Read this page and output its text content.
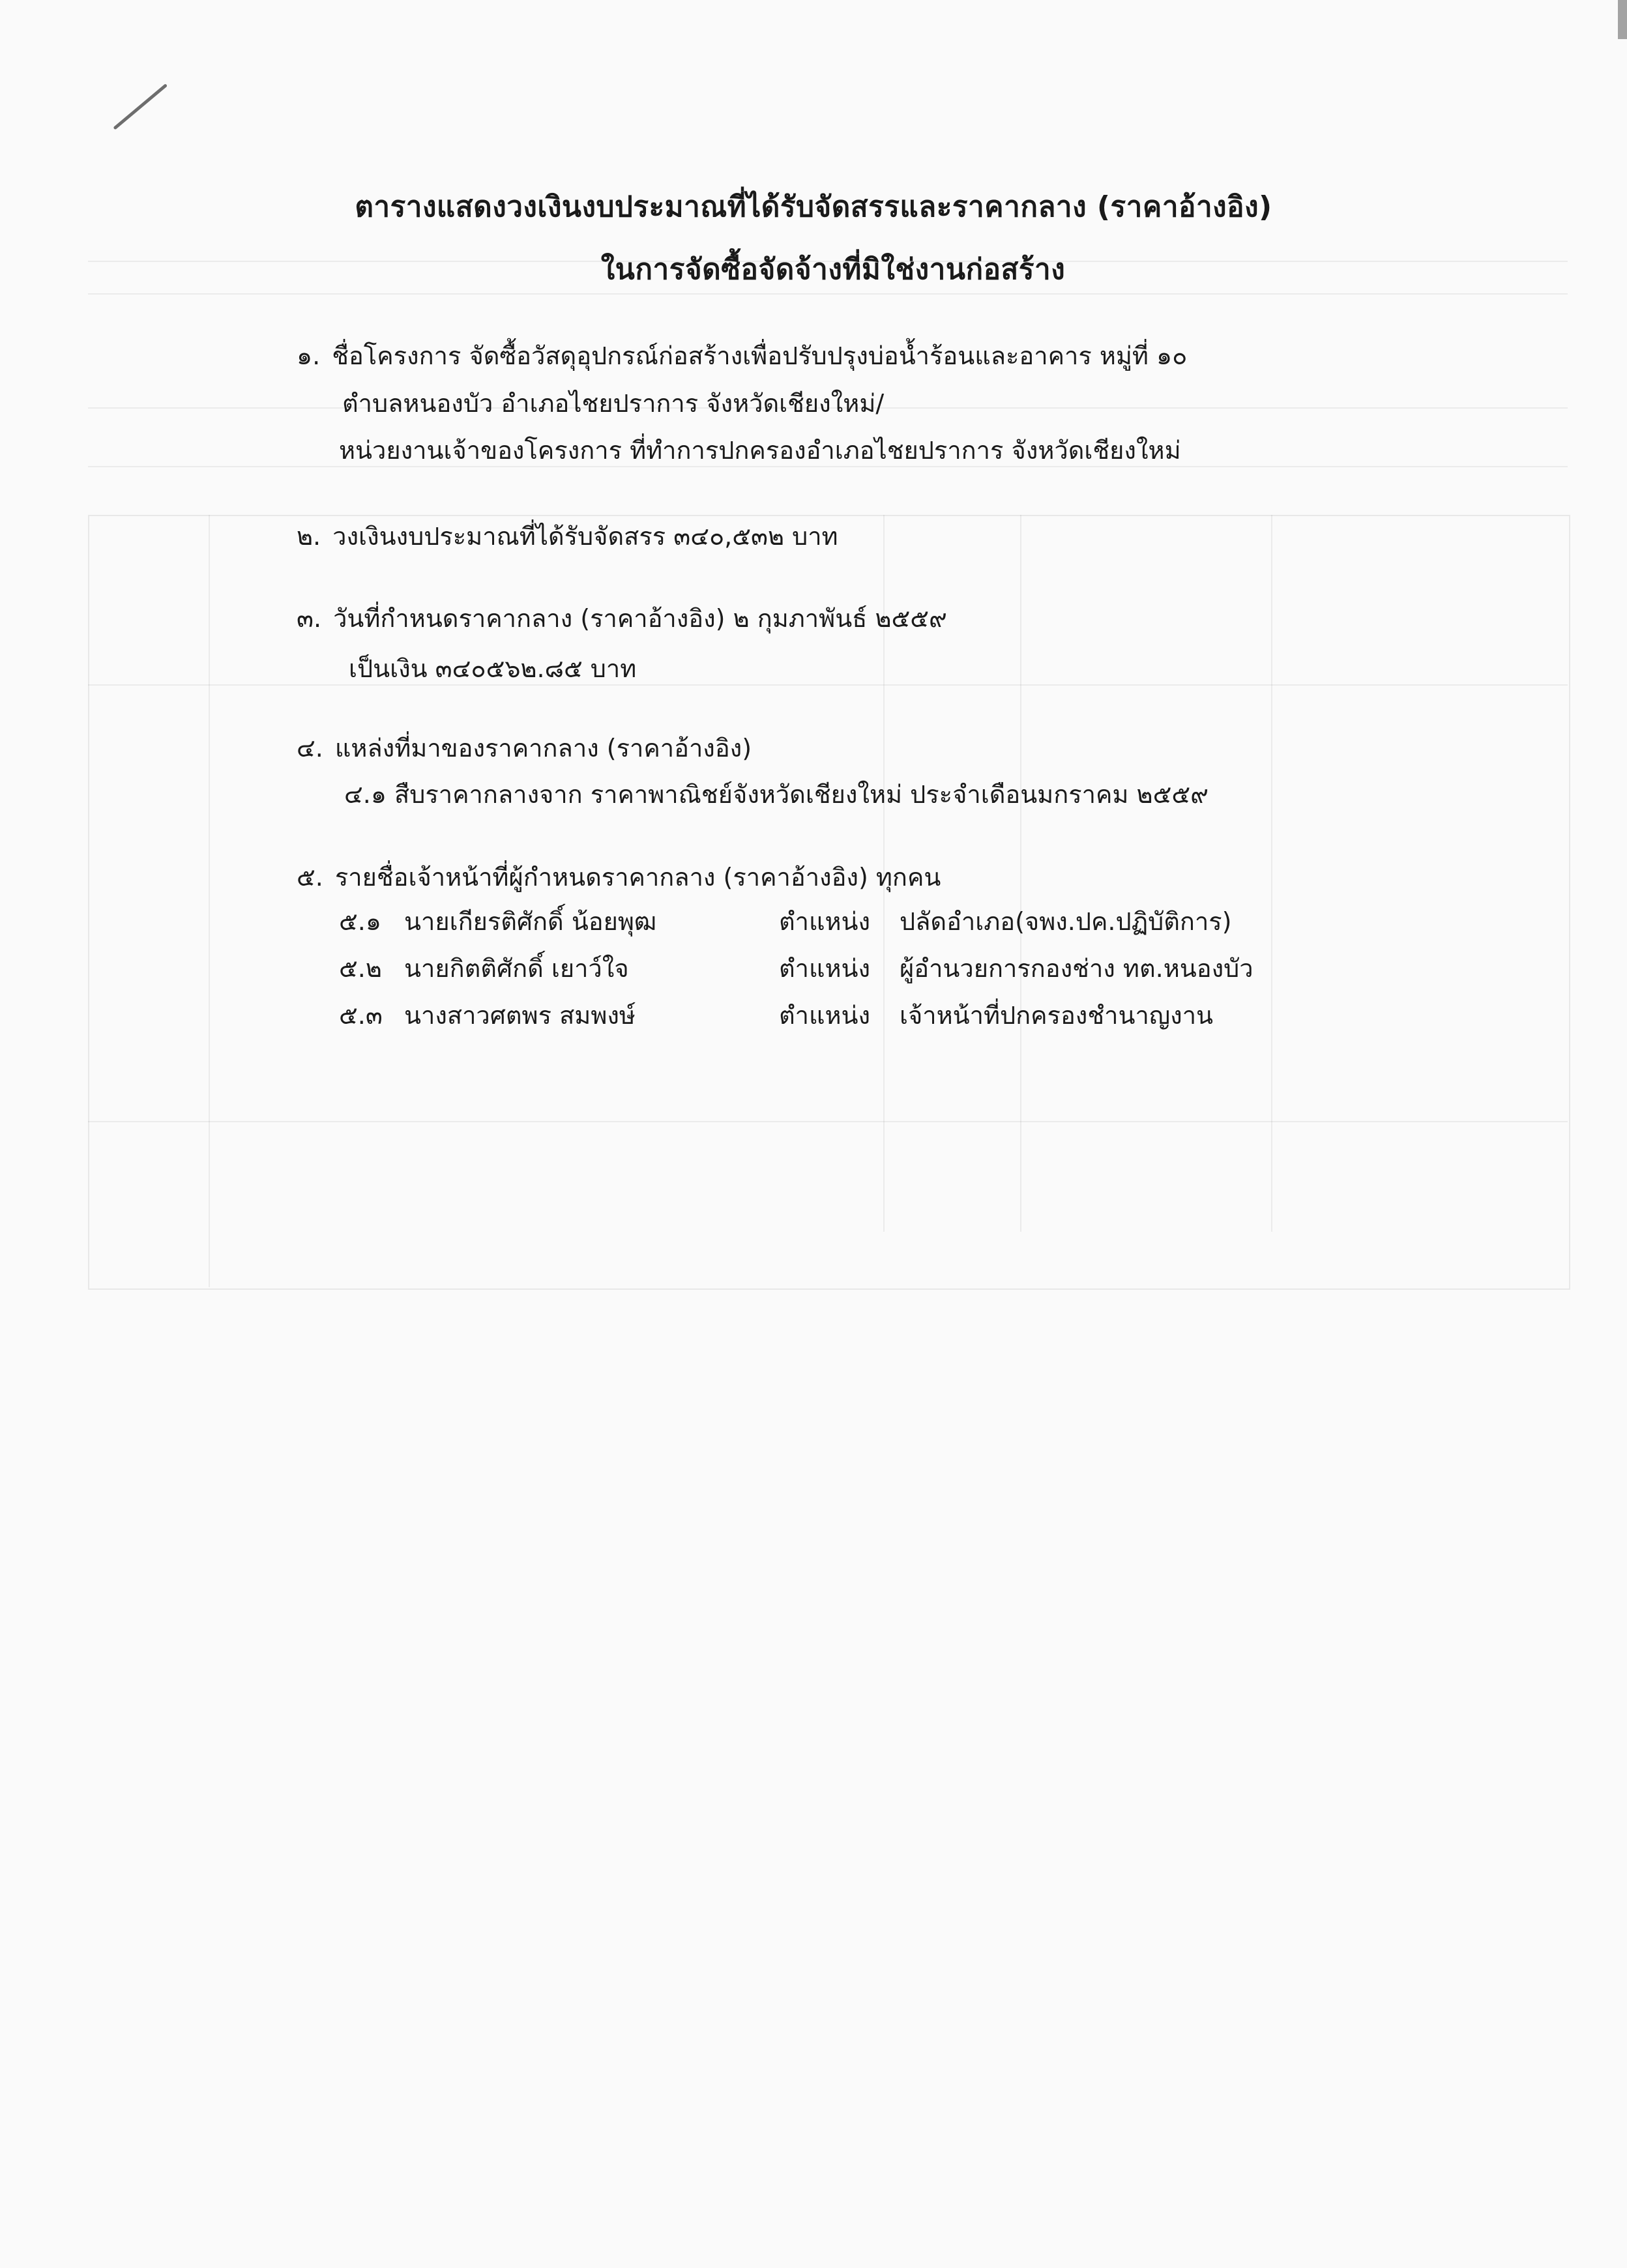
ตารางแสดงวงเงินงบประมาณที่ได้รับจัดสรรและราคากลาง (ราคาอ้างอิง)
ในการจัดซื้อจัดจ้างที่มิใช่งานก่อสร้าง
๑. ชื่อโครงการ จัดซื้อวัสดุอุปกรณ์ก่อสร้างเพื่อปรับปรุงบ่อน้ำร้อนและอาคาร หมู่ที่ ๑๐
ตำบลหนองบัว อำเภอไชยปราการ จังหวัดเชียงใหม่/
หน่วยงานเจ้าของโครงการ ที่ทำการปกครองอำเภอไชยปราการ จังหวัดเชียงใหม่
๒. วงเงินงบประมาณที่ได้รับจัดสรร ๓๔๐,๕๓๒ บาท
๓. วันที่กำหนดราคากลาง (ราคาอ้างอิง) ๒ กุมภาพันธ์ ๒๕๕๙
เป็นเงิน ๓๔๐๕๖๒.๘๕ บาท
๔. แหล่งที่มาของราคากลาง (ราคาอ้างอิง)
๔.๑ สืบราคากลางจาก ราคาพาณิชย์จังหวัดเชียงใหม่ ประจำเดือนมกราคม ๒๕๕๙
๕. รายชื่อเจ้าหน้าที่ผู้กำหนดราคากลาง (ราคาอ้างอิง) ทุกคน
๕.๑ นายเกียรติศักดิ์ น้อยพุฒ	ตำแหน่ง ปลัดอำเภอ(จพง.ปค.ปฏิบัติการ)
๕.๒ นายกิตติศักดิ์ เยาว์ใจ	ตำแหน่ง ผู้อำนวยการกองช่าง ทต.หนองบัว
๕.๓ นางสาวศตพร สมพงษ์	ตำแหน่ง เจ้าหน้าที่ปกครองชำนาญงาน
